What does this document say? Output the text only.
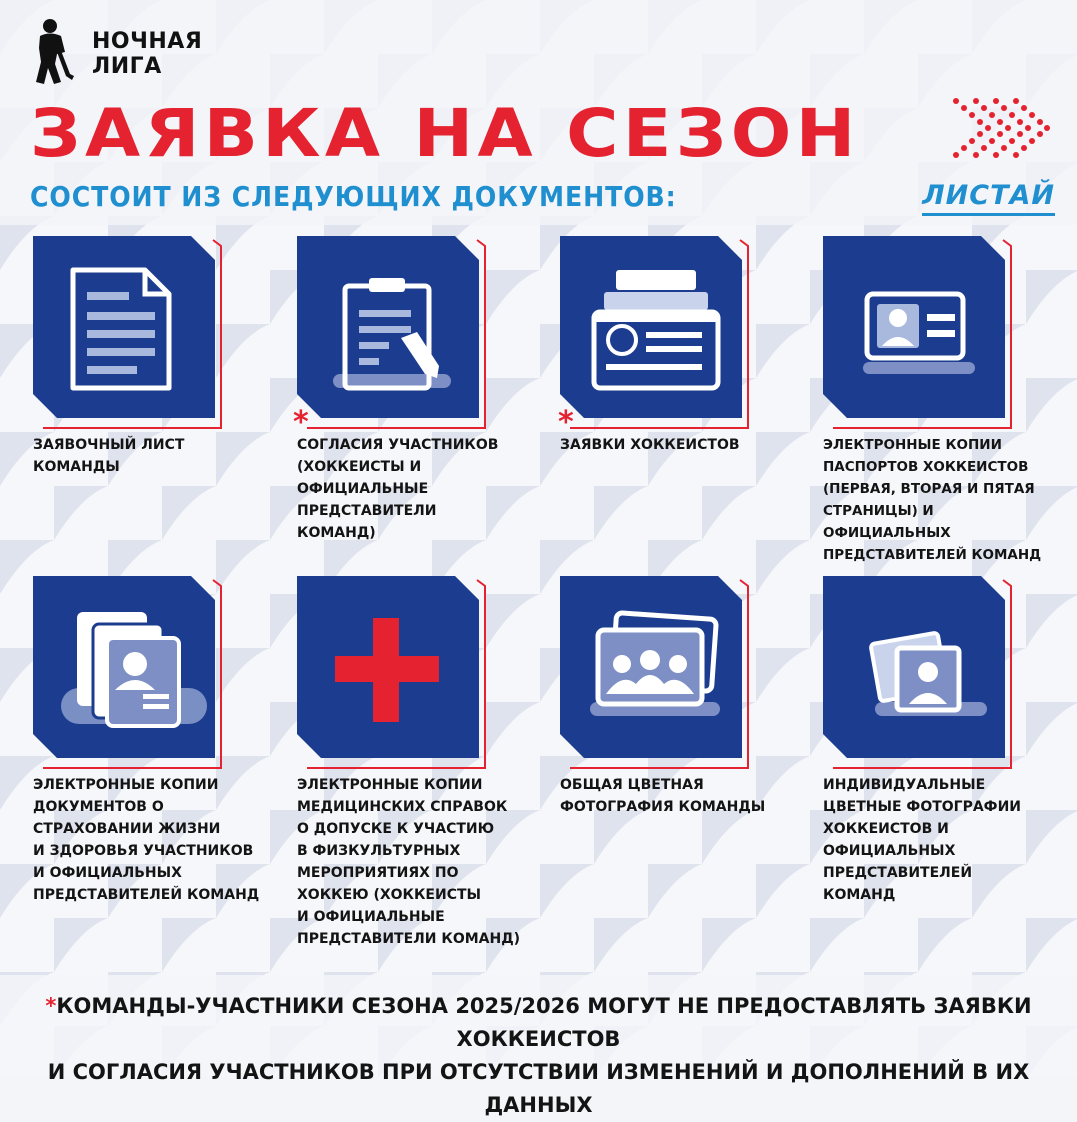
НОЧНАЯ
ЛИГА
ЗАЯВКА НА СЕЗОН
СОСТОИТ ИЗ СЛЕДУЮЩИХ ДОКУМЕНТОВ:	ЛИСТАЙ

ЗАЯВОЧНЫЙ ЛИСТ
КОМАНДЫ

*

СОГЛАСИЯ УЧАСТНИКОВ
(ХОККЕИСТЫ И
ОФИЦИАЛЬНЫЕ
ПРЕДСТАВИТЕЛИ
КОМАНД)

*

ЗАЯВКИ ХОККЕИСТОВ	ЭЛЕКТРОННЫЕ КОПИИ
ПАСПОРТОВ ХОККЕИСТОВ
(ПЕРВАЯ, ВТОРАЯ И ПЯТАЯ
СТРАНИЦЫ) И
ОФИЦИАЛЬНЫХ
ПРЕДСТАВИТЕЛЕЙ КОМАНД

ЭЛЕКТРОННЫЕ КОПИИ
ДОКУМЕНТОВ О
СТРАХОВАНИИ ЖИЗНИ
И ЗДОРОВЬЯ УЧАСТНИКОВ
И ОФИЦИАЛЬНЫХ
ПРЕДСТАВИТЕЛЕЙ КОМАНД

ЭЛЕКТРОННЫЕ КОПИИ
МЕДИЦИНСКИХ СПРАВОК
О ДОПУСКЕ К УЧАСТИЮ
В ФИЗКУЛЬТУРНЫХ
МЕРОПРИЯТИЯХ ПО
ХОККЕЮ (ХОККЕИСТЫ
И ОФИЦИАЛЬНЫЕ
ПРЕДСТАВИТЕЛИ КОМАНД)

ОБЩАЯ ЦВЕТНАЯ
ФОТОГРАФИЯ КОМАНДЫ

ИНДИВИДУАЛЬНЫЕ
ЦВЕТНЫЕ ФОТОГРАФИИ
ХОККЕИСТОВ И
ОФИЦИАЛЬНЫХ
ПРЕДСТАВИТЕЛЕЙ
КОМАНД

*КОМАНДЫ-УЧАСТНИКИ СЕЗОНА 2025/2026 МОГУТ НЕ ПРЕДОСТАВЛЯТЬ ЗАЯВКИ ХОККЕИСТОВ
И СОГЛАСИЯ УЧАСТНИКОВ ПРИ ОТСУТСТВИИ ИЗМЕНЕНИЙ И ДОПОЛНЕНИЙ В ИХ ДАННЫХ
